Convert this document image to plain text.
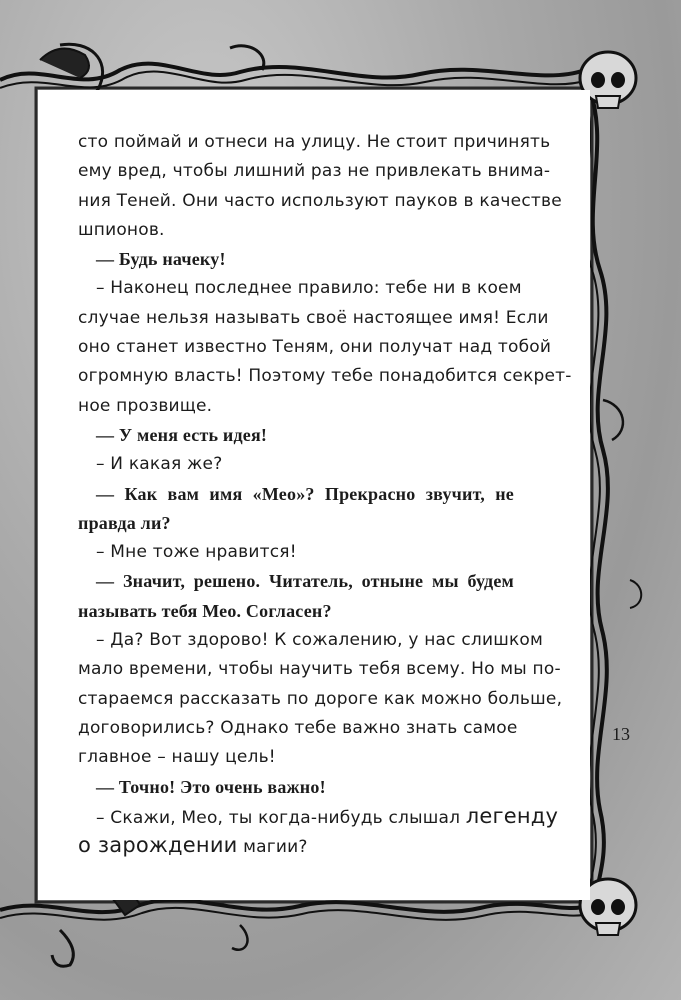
сто поймай и отнеси на улицу. Не стоит причинять
ему вред, чтобы лишний раз не привлекать внима-
ния Теней. Они часто используют пауков в качестве
шпионов.
— Будь начеку!
– Наконец последнее правило: тебе ни в коем
случае нельзя называть своё настоящее имя! Если
оно станет известно Теням, они получат над тобой
огромную власть! Поэтому тебе понадобится секрет-
ное прозвище.
— У меня есть идея!
– И какая же?
— Как вам имя «Мео»? Прекрасно звучит, не
правда ли?
– Мне тоже нравится!
— Значит, решено. Читатель, отныне мы будем
называть тебя Мео. Согласен?
– Да? Вот здорово! К сожалению, у нас слишком
мало времени, чтобы научить тебя всему. Но мы по-
стараемся рассказать по дороге как можно больше,
договорились? Однако тебе важно знать самое
главное – нашу цель!
— Точно! Это очень важно!
– Скажи, Мео, ты когда-нибудь слышал легенду
о зарождении магии?
13
